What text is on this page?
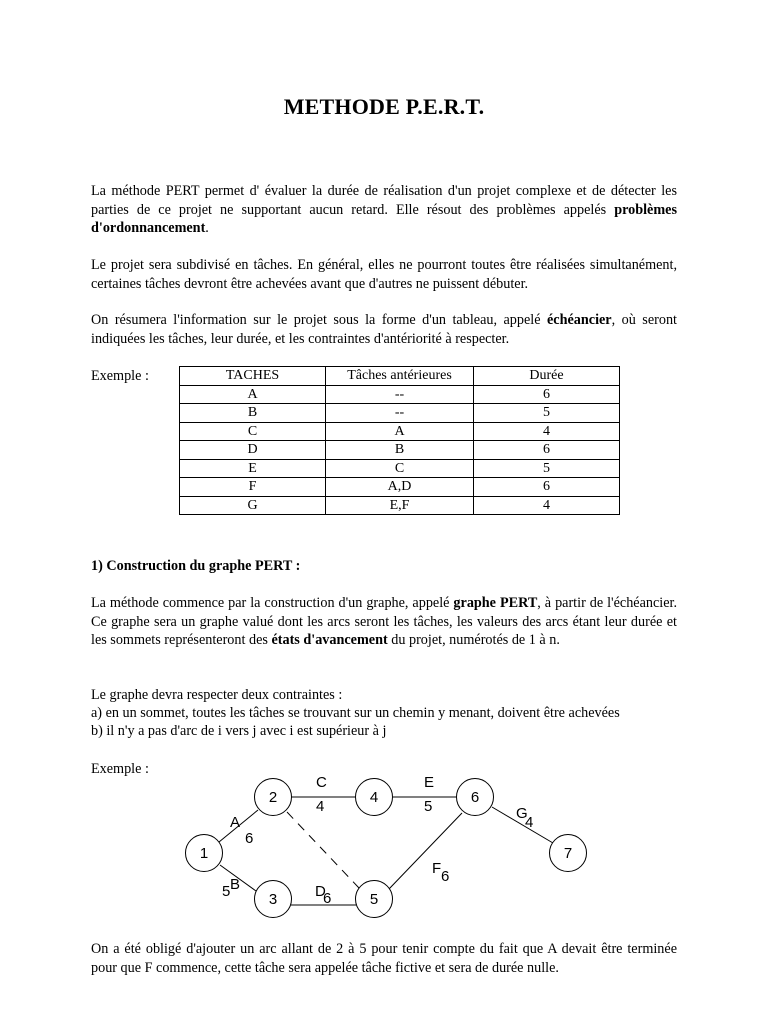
METHODE P.E.R.T.

La méthode PERT permet d' évaluer la durée de réalisation d'un projet complexe et de détecter les parties de ce projet ne supportant aucun retard. Elle résout des problèmes appelés problèmes d'ordonnancement.

Le projet sera subdivisé en tâches. En général, elles ne pourront toutes être réalisées simultanément, certaines tâches devront être achevées avant que d'autres ne puissent débuter.

On résumera l'information sur le projet sous la forme d'un tableau, appelé échéancier, où seront indiquées les tâches, leur durée, et les contraintes d'antériorité à respecter.

Exemple :	TACHES	Tâches antérieures	Durée
A	--	6
B	--	5
C	A	4
D	B	6
E	C	5
F	A,D	6
G	E,F	4
1) Construction du graphe PERT :

La méthode commence par la construction d'un graphe, appelé graphe PERT, à partir de l'échéancier. Ce graphe sera un graphe valué dont les arcs seront les tâches, les valeurs des arcs étant leur durée et les sommets représenteront des états d'avancement du projet, numérotés de 1 à n.

Le graphe devra respecter deux contraintes :
a) en un sommet, toutes les tâches se trouvant sur un chemin y menant, doivent être achevées
b) il n'y a pas d'arc de i vers j avec i est supérieur à j
Exemple :
1
2
3
4
5
6
7
A
6
B
5
C
4
D
6
E
5
F 6
G
4

On a été obligé d'ajouter un arc allant de 2 à 5 pour tenir compte du fait que A devait être terminée pour que F commence, cette tâche sera appelée tâche fictive et sera de durée nulle.
